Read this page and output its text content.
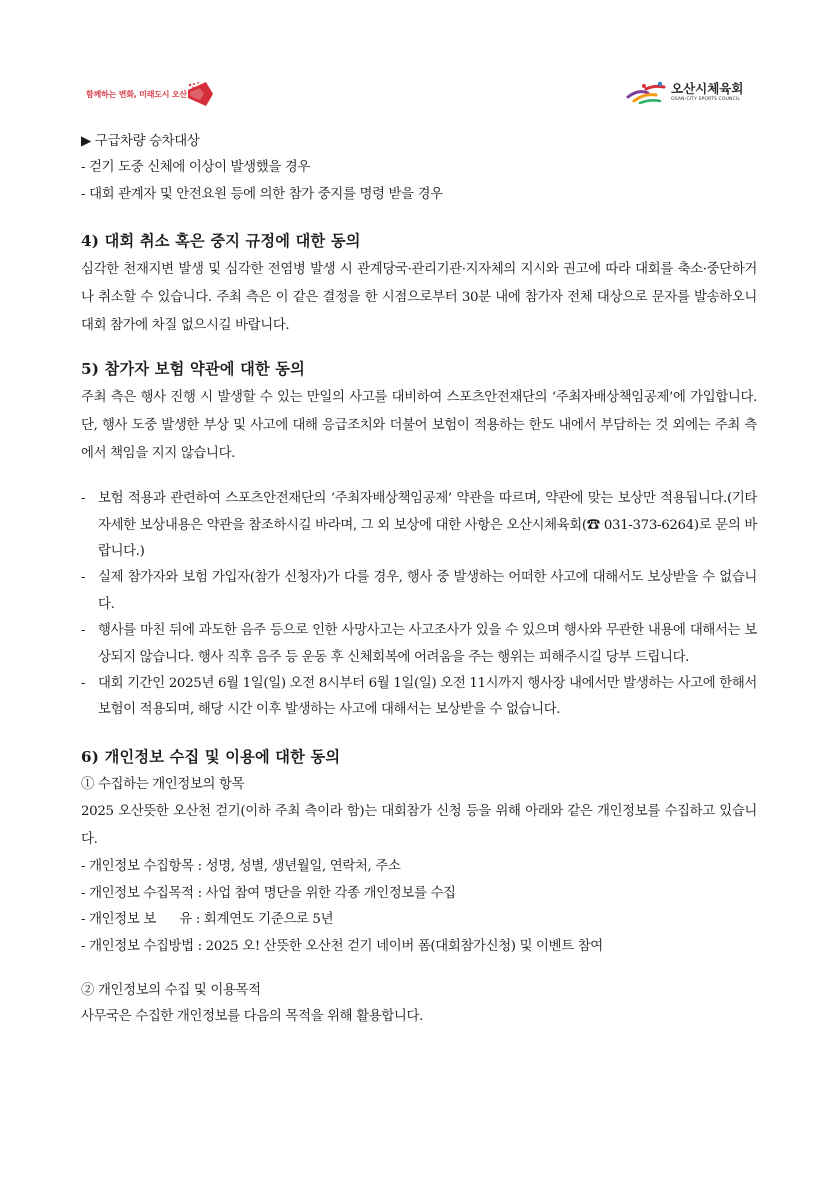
함께하는 변화, 미래도시 오산	오산시체육회
OSAN-CITY SPORTS COUNCIL
▶ 구급차량 승차대상
- 걷기 도중 신체에 이상이 발생했을 경우
- 대회 관계자 및 안전요원 등에 의한 참가 중지를 명령 받을 경우
4) 대회 취소 혹은 중지 규정에 대한 동의
심각한 천재지변 발생 및 심각한 전염병 발생 시 관계당국·관리기관·지자체의 지시와 권고에 따라 대회를 축소·중단하거나 취소할 수 있습니다. 주최 측은 이 같은 결정을 한 시점으로부터 30분 내에 참가자 전체 대상으로 문자를 발송하오니 대회 참가에 차질 없으시길 바랍니다.
5) 참가자 보험 약관에 대한 동의
주최 측은 행사 진행 시 발생할 수 있는 만일의 사고를 대비하여 스포츠안전재단의 ‘주최자배상책임공제’에 가입합니다. 단, 행사 도중 발생한 부상 및 사고에 대해 응급조치와 더불어 보험이 적용하는 한도 내에서 부담하는 것 외에는 주최 측에서 책임을 지지 않습니다.
- 보험 적용과 관련하여 스포츠안전재단의 ‘주최자배상책임공제’ 약관을 따르며, 약관에 맞는 보상만 적용됩니다.(기타 자세한 보상내용은 약관을 참조하시길 바라며, 그 외 보상에 대한 사항은 오산시체육회(☎ 031-373-6264)로 문의 바랍니다.)
- 실제 참가자와 보험 가입자(참가 신청자)가 다를 경우, 행사 중 발생하는 어떠한 사고에 대해서도 보상받을 수 없습니다.
- 행사를 마친 뒤에 과도한 음주 등으로 인한 사망사고는 사고조사가 있을 수 있으며 행사와 무관한 내용에 대해서는 보상되지 않습니다. 행사 직후 음주 등 운동 후 신체회복에 어려움을 주는 행위는 피해주시길 당부 드립니다.
- 대회 기간인 2025년 6월 1일(일) 오전 8시부터 6월 1일(일) 오전 11시까지 행사장 내에서만 발생하는 사고에 한해서 보험이 적용되며, 해당 시간 이후 발생하는 사고에 대해서는 보상받을 수 없습니다.
6) 개인정보 수집 및 이용에 대한 동의
① 수집하는 개인정보의 항목
2025 오산뜻한 오산천 걷기(이하 주최 측이라 함)는 대회참가 신청 등을 위해 아래와 같은 개인정보를 수집하고 있습니다.
- 개인정보 수집항목 : 성명, 성별, 생년월일, 연락처, 주소
- 개인정보 수집목적 : 사업 참여 명단을 위한 각종 개인정보를 수집
- 개인정보 보      유 : 회계연도 기준으로 5년
- 개인정보 수집방법 : 2025 오! 산뜻한 오산천 걷기 네이버 폼(대회참가신청) 및 이벤트 참여
② 개인정보의 수집 및 이용목적
사무국은 수집한 개인정보를 다음의 목적을 위해 활용합니다.
